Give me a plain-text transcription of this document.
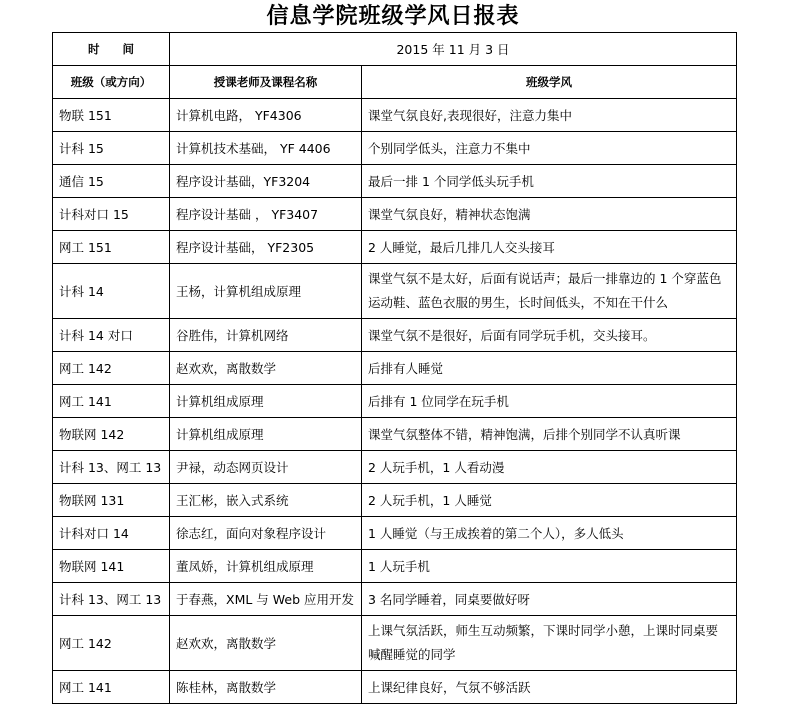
信息学院班级学风日报表
时　　间	2015 年 11 月 3 日	
班级（或方向）	授课老师及课程名称	班级学风
物联 151	计算机电路， YF4306	课堂气氛良好,表现很好，注意力集中
计科 15	计算机技术基础， YF 4406	个别同学低头，注意力不集中
通信 15	程序设计基础，YF3204	最后一排 1 个同学低头玩手机
计科对口 15	程序设计基础 ， YF3407	课堂气氛良好，精神状态饱满
网工 151	程序设计基础， YF2305	2 人睡觉，最后几排几人交头接耳
计科 14	王杨，计算机组成原理	课堂气氛不是太好，后面有说话声；最后一排靠边的 1 个穿蓝色运动鞋、蓝色衣服的男生，长时间低头，不知在干什么
计科 14 对口	谷胜伟，计算机网络	课堂气氛不是很好，后面有同学玩手机，交头接耳。
网工 142	赵欢欢，离散数学	后排有人睡觉
网工 141	计算机组成原理	后排有 1 位同学在玩手机
物联网 142	计算机组成原理	课堂气氛整体不错，精神饱满，后排个别同学不认真听课
计科 13、网工 13	尹禄，动态网页设计	2 人玩手机，1 人看动漫
物联网 131	王汇彬，嵌入式系统	2 人玩手机，1 人睡觉
计科对口 14	徐志红，面向对象程序设计	1 人睡觉（与王成挨着的第二个人），多人低头
物联网 141	董凤娇，计算机组成原理	1 人玩手机
计科 13、网工 13	于春燕，XML 与 Web 应用开发	3 名同学睡着，同桌要做好呀
网工 142	赵欢欢，离散数学	上课气氛活跃，师生互动频繁，下课时同学小憩，上课时同桌要喊醒睡觉的同学
网工 141	陈桂林，离散数学	上课纪律良好，气氛不够活跃
